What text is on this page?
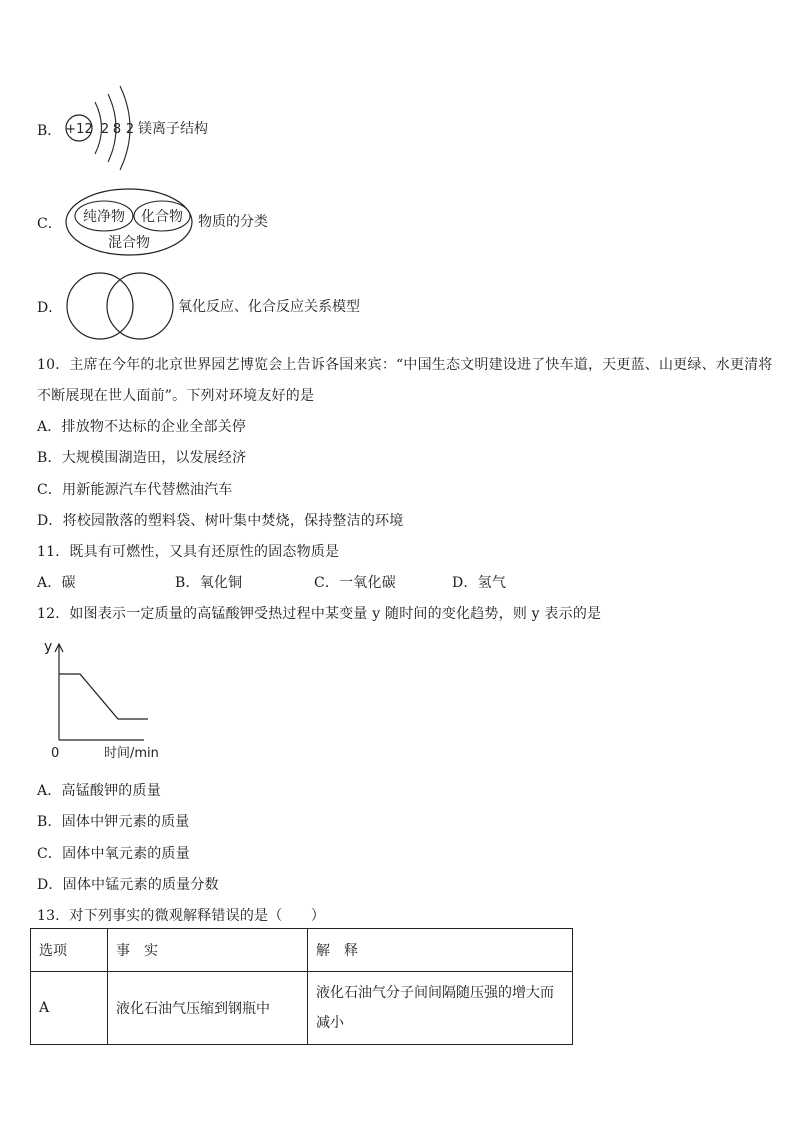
B． +12 2 8 2 镁离子结构
C． 纯净物 化合物
混合物
物质的分类
D．	氧化反应、化合反应关系模型
10．主席在今年的北京世界园艺博览会上告诉各国来宾：“中国生态文明建设进了快车道，天更蓝、山更绿、水更清将
不断展现在世人面前”。下列对环境友好的是
A．排放物不达标的企业全部关停
B．大规模围湖造田，以发展经济
C．用新能源汽车代替燃油汽车
D．将校园散落的塑料袋、树叶集中焚烧，保持整洁的环境
11．既具有可燃性，又具有还原性的固态物质是
A．碳	B．氧化铜	C．一氧化碳	D．氢气
12．如图表示一定质量的高锰酸钾受热过程中某变量 y 随时间的变化趋势，则 y 表示的是
y
0	时间/min
A．高锰酸钾的质量
B．固体中钾元素的质量
C．固体中氧元素的质量
D．固体中锰元素的质量分数
13．对下列事实的微观解释错误的是（　　）
选项	事　实	解　释
A	液化石油气压缩到钢瓶中	液化石油气分子间间隔随压强的增大而
减小
